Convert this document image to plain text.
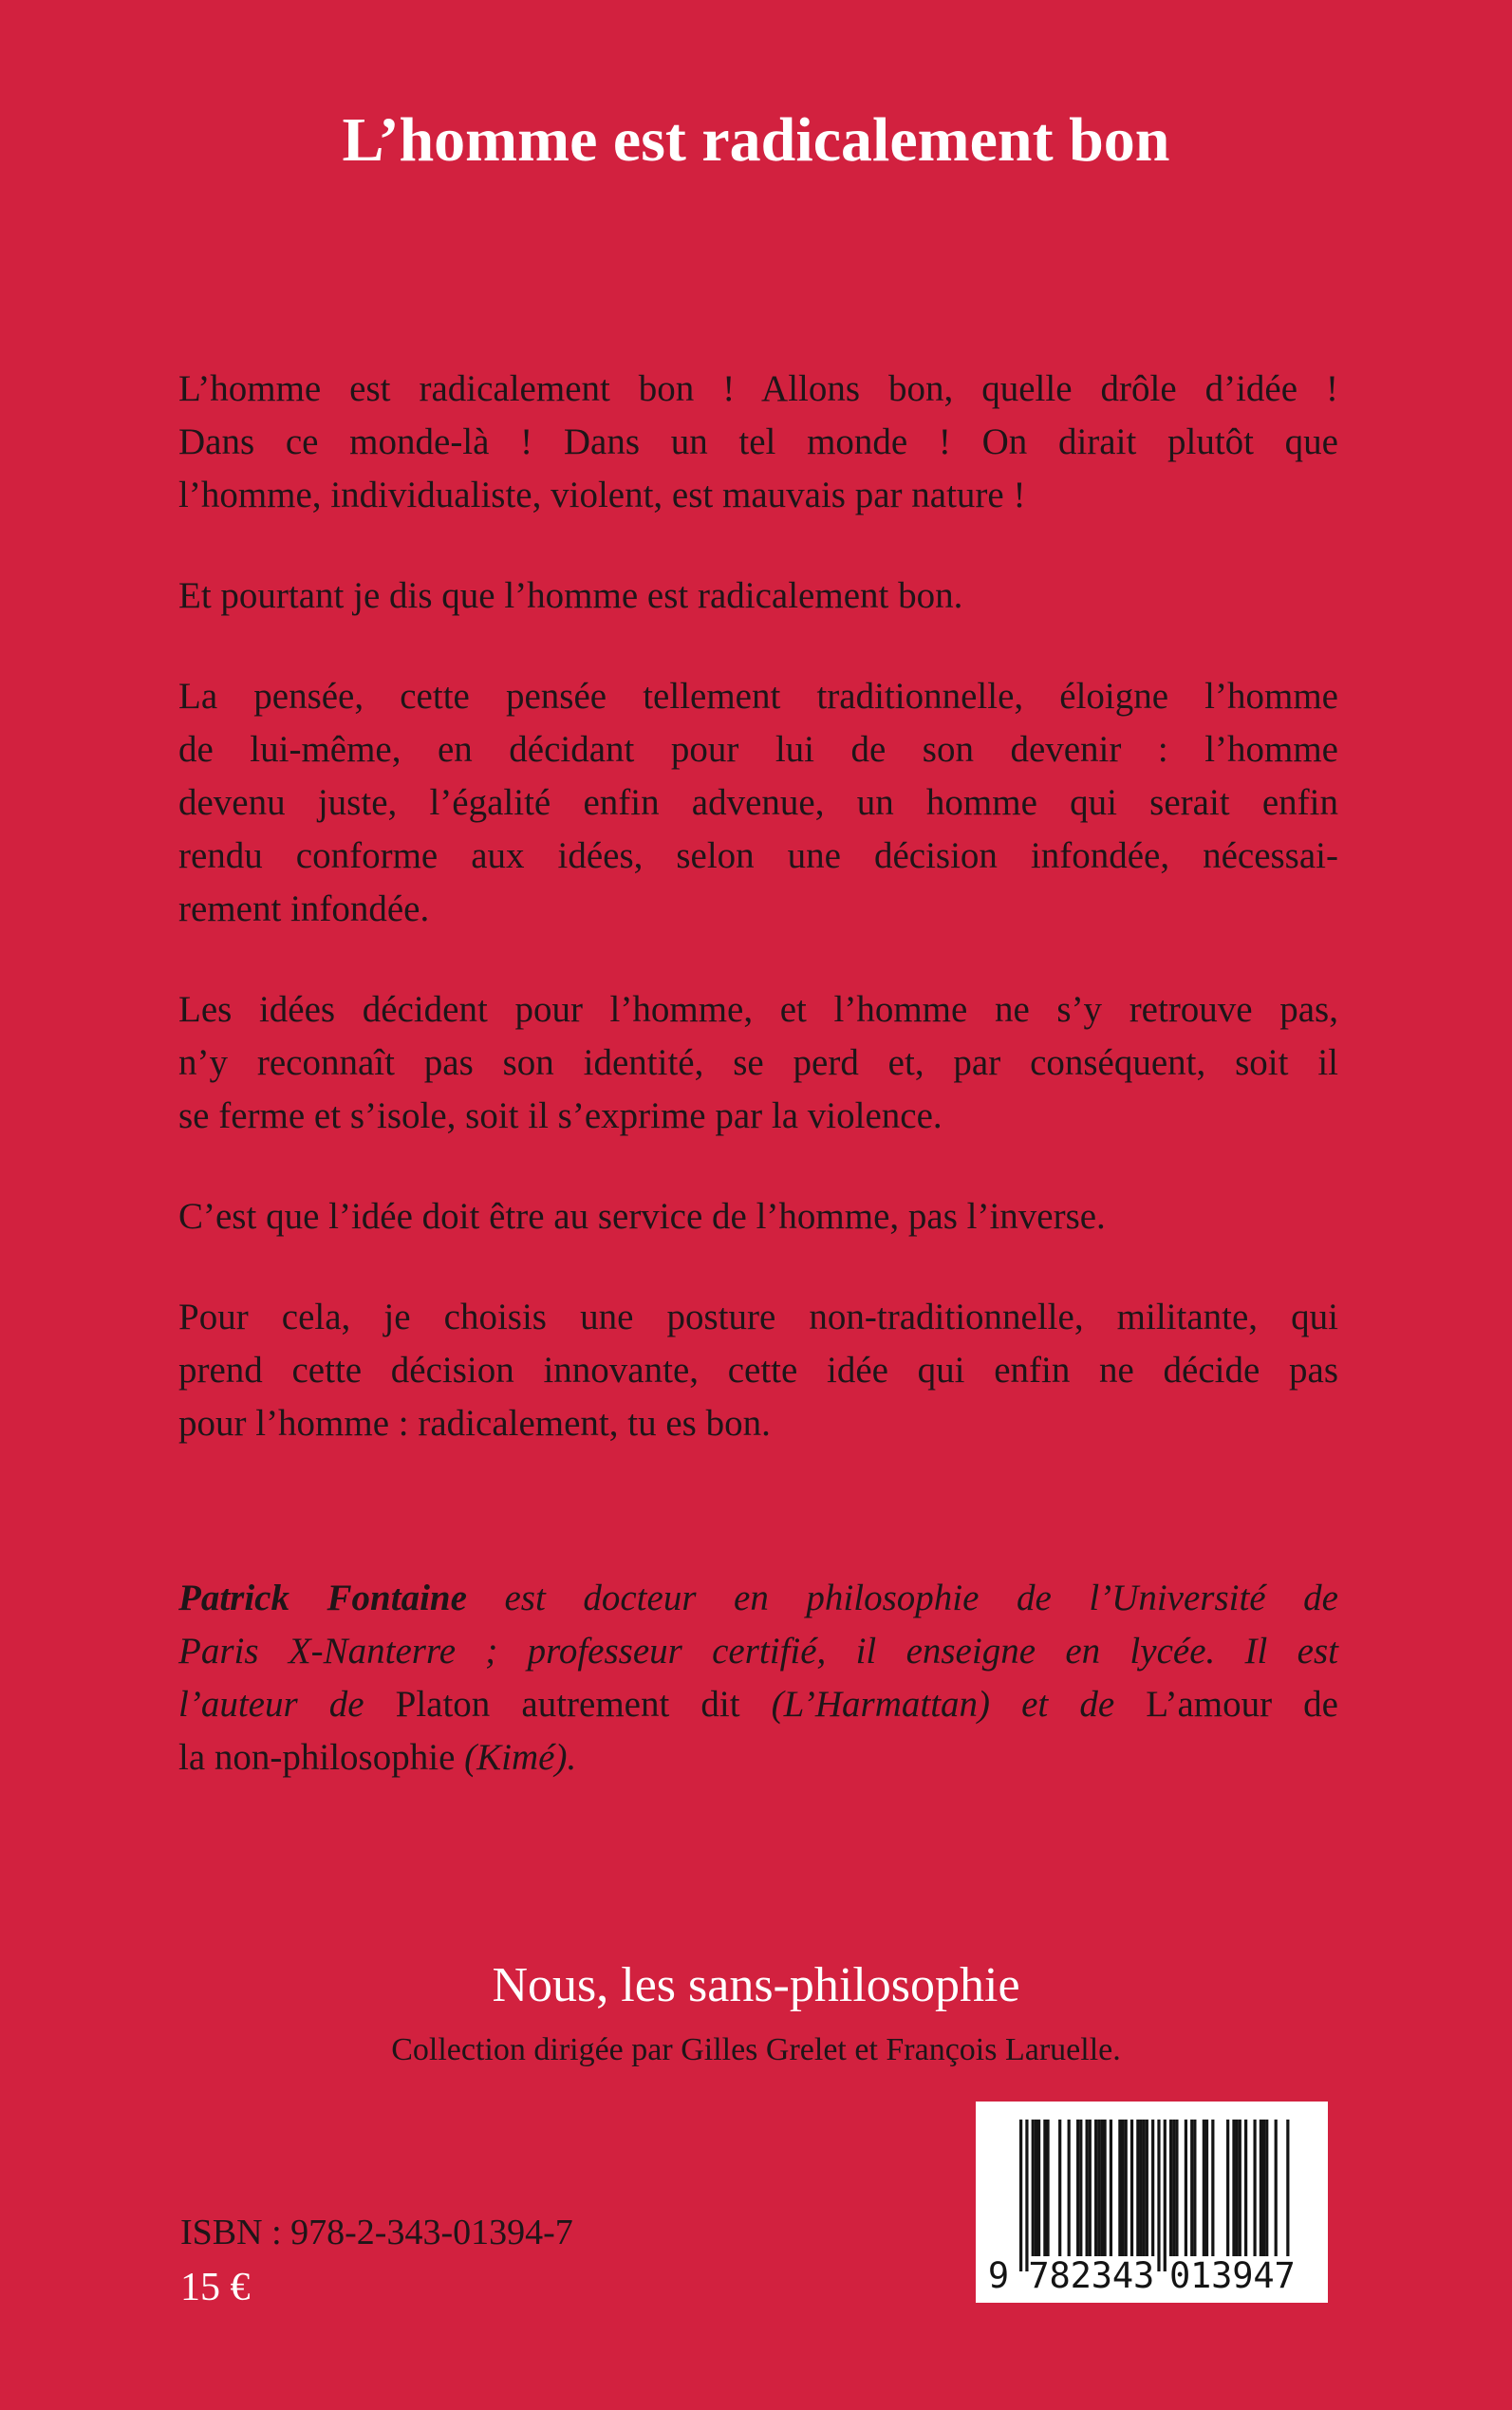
L’homme est radicalement bon
L’homme est radicalement bon ! Allons bon, quelle drôle d’idée !
Dans ce monde-là ! Dans un tel monde ! On dirait plutôt que
l’homme, individualiste, violent, est mauvais par nature !
Et pourtant je dis que l’homme est radicalement bon.
La pensée, cette pensée tellement traditionnelle, éloigne l’homme
de lui-même, en décidant pour lui de son devenir : l’homme
devenu juste, l’égalité enfin advenue, un homme qui serait enfin
rendu conforme aux idées, selon une décision infondée, nécessai-
rement infondée.
Les idées décident pour l’homme, et l’homme ne s’y retrouve pas,
n’y reconnaît pas son identité, se perd et, par conséquent, soit il
se ferme et s’isole, soit il s’exprime par la violence.
C’est que l’idée doit être au service de l’homme, pas l’inverse.
Pour cela, je choisis une posture non-traditionnelle, militante, qui
prend cette décision innovante, cette idée qui enfin ne décide pas
pour l’homme : radicalement, tu es bon.
Patrick Fontaine est docteur en philosophie de l’Université de
Paris X-Nanterre ; professeur certifié, il enseigne en lycée. Il est
l’auteur de Platon autrement dit (L’Harmattan) et de L’amour de
la non-philosophie (Kimé).
Nous, les sans-philosophie
Collection dirigée par Gilles Grelet et François Laruelle.
9 7 8 2 3 4 3 0 1 3 9 4 7
ISBN : 978-2-343-01394-7
15 €
